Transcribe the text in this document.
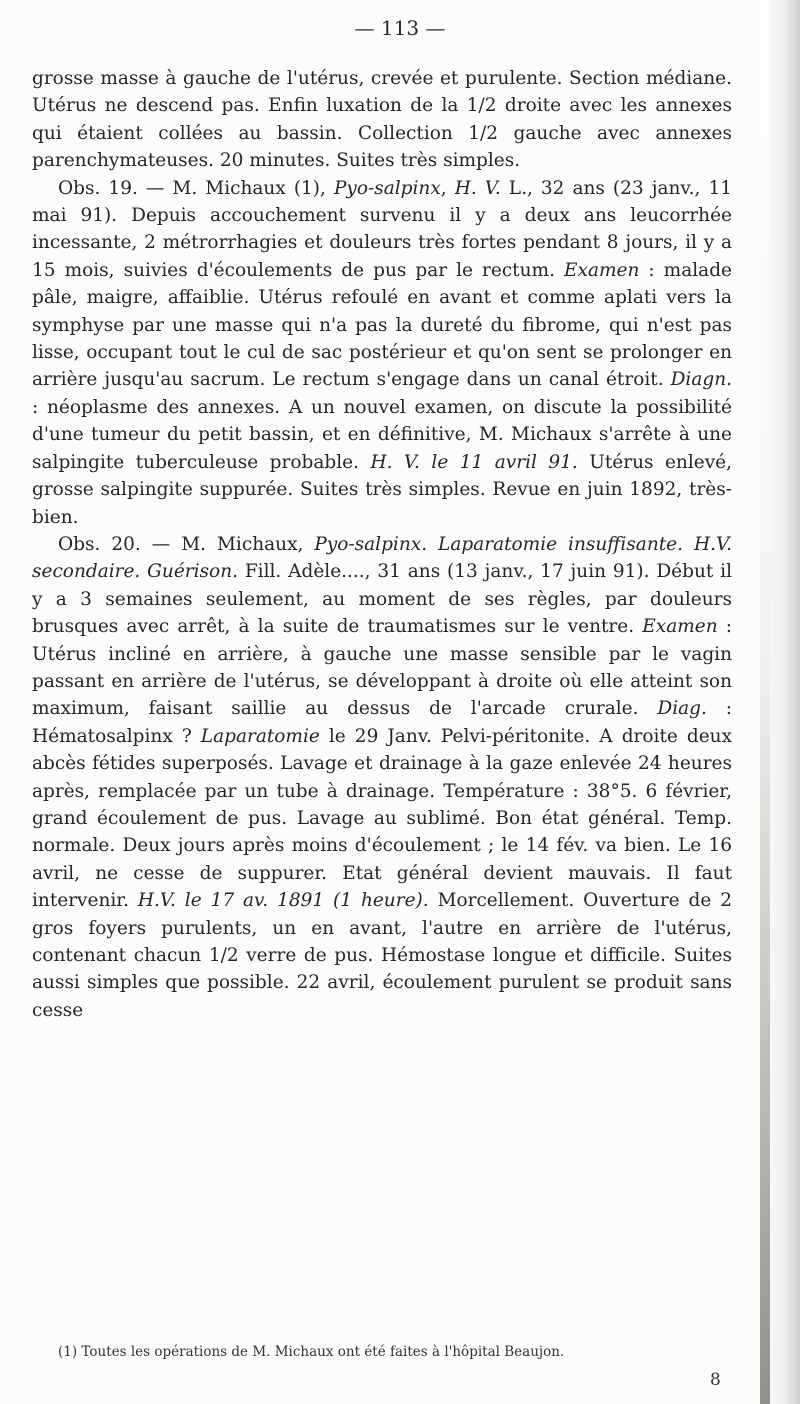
— 113 —

grosse masse à gauche de l'utérus, crevée et purulente. Section médiane. Utérus ne descend pas. Enfin luxation de la 1/2 droite avec les annexes qui étaient collées au bassin. Collection 1/2 gauche avec annexes parenchymateuses. 20 minutes. Suites très simples.

Obs. 19. — M. Michaux (1), Pyo-salpinx, H. V. L., 32 ans (23 janv., 11 mai 91). Depuis accouchement survenu il y a deux ans leucorrhée incessante, 2 métrorrhagies et douleurs très fortes pendant 8 jours, il y a 15 mois, suivies d'écoulements de pus par le rectum. Examen : malade pâle, maigre, affaiblie. Utérus refoulé en avant et comme aplati vers la symphyse par une masse qui n'a pas la dureté du fibrome, qui n'est pas lisse, occupant tout le cul de sac postérieur et qu'on sent se prolonger en arrière jusqu'au sacrum. Le rectum s'engage dans un canal étroit. Diagn. : néoplasme des annexes. A un nouvel examen, on discute la possibilité d'une tumeur du petit bassin, et en définitive, M. Michaux s'arrête à une salpingite tuberculeuse probable. H. V. le 11 avril 91. Utérus enlevé, grosse salpingite suppurée. Suites très simples. Revue en juin 1892, très-bien.

Obs. 20. — M. Michaux, Pyo-salpinx. Laparatomie insuffisante. H.V. secondaire. Guérison. Fill. Adèle...., 31 ans (13 janv., 17 juin 91). Début il y a 3 semaines seulement, au moment de ses règles, par douleurs brusques avec arrêt, à la suite de traumatismes sur le ventre. Examen : Utérus incliné en arrière, à gauche une masse sensible par le vagin passant en arrière de l'utérus, se développant à droite où elle atteint son maximum, faisant saillie au dessus de l'arcade crurale. Diag. : Hématosalpinx ? Laparatomie le 29 Janv. Pelvi-péritonite. A droite deux abcès fétides superposés. Lavage et drainage à la gaze enlevée 24 heures après, remplacée par un tube à drainage. Température : 38°5. 6 février, grand écoulement de pus. Lavage au sublimé. Bon état général. Temp. normale. Deux jours après moins d'écoulement ; le 14 fév. va bien. Le 16 avril, ne cesse de suppurer. Etat général devient mauvais. Il faut intervenir. H.V. le 17 av. 1891 (1 heure). Morcellement. Ouverture de 2 gros foyers purulents, un en avant, l'autre en arrière de l'utérus, contenant chacun 1/2 verre de pus. Hémostase longue et difficile. Suites aussi simples que possible. 22 avril, écoulement purulent se produit sans cesse

(1) Toutes les opérations de M. Michaux ont été faites à l'hôpital Beaujon.
8
